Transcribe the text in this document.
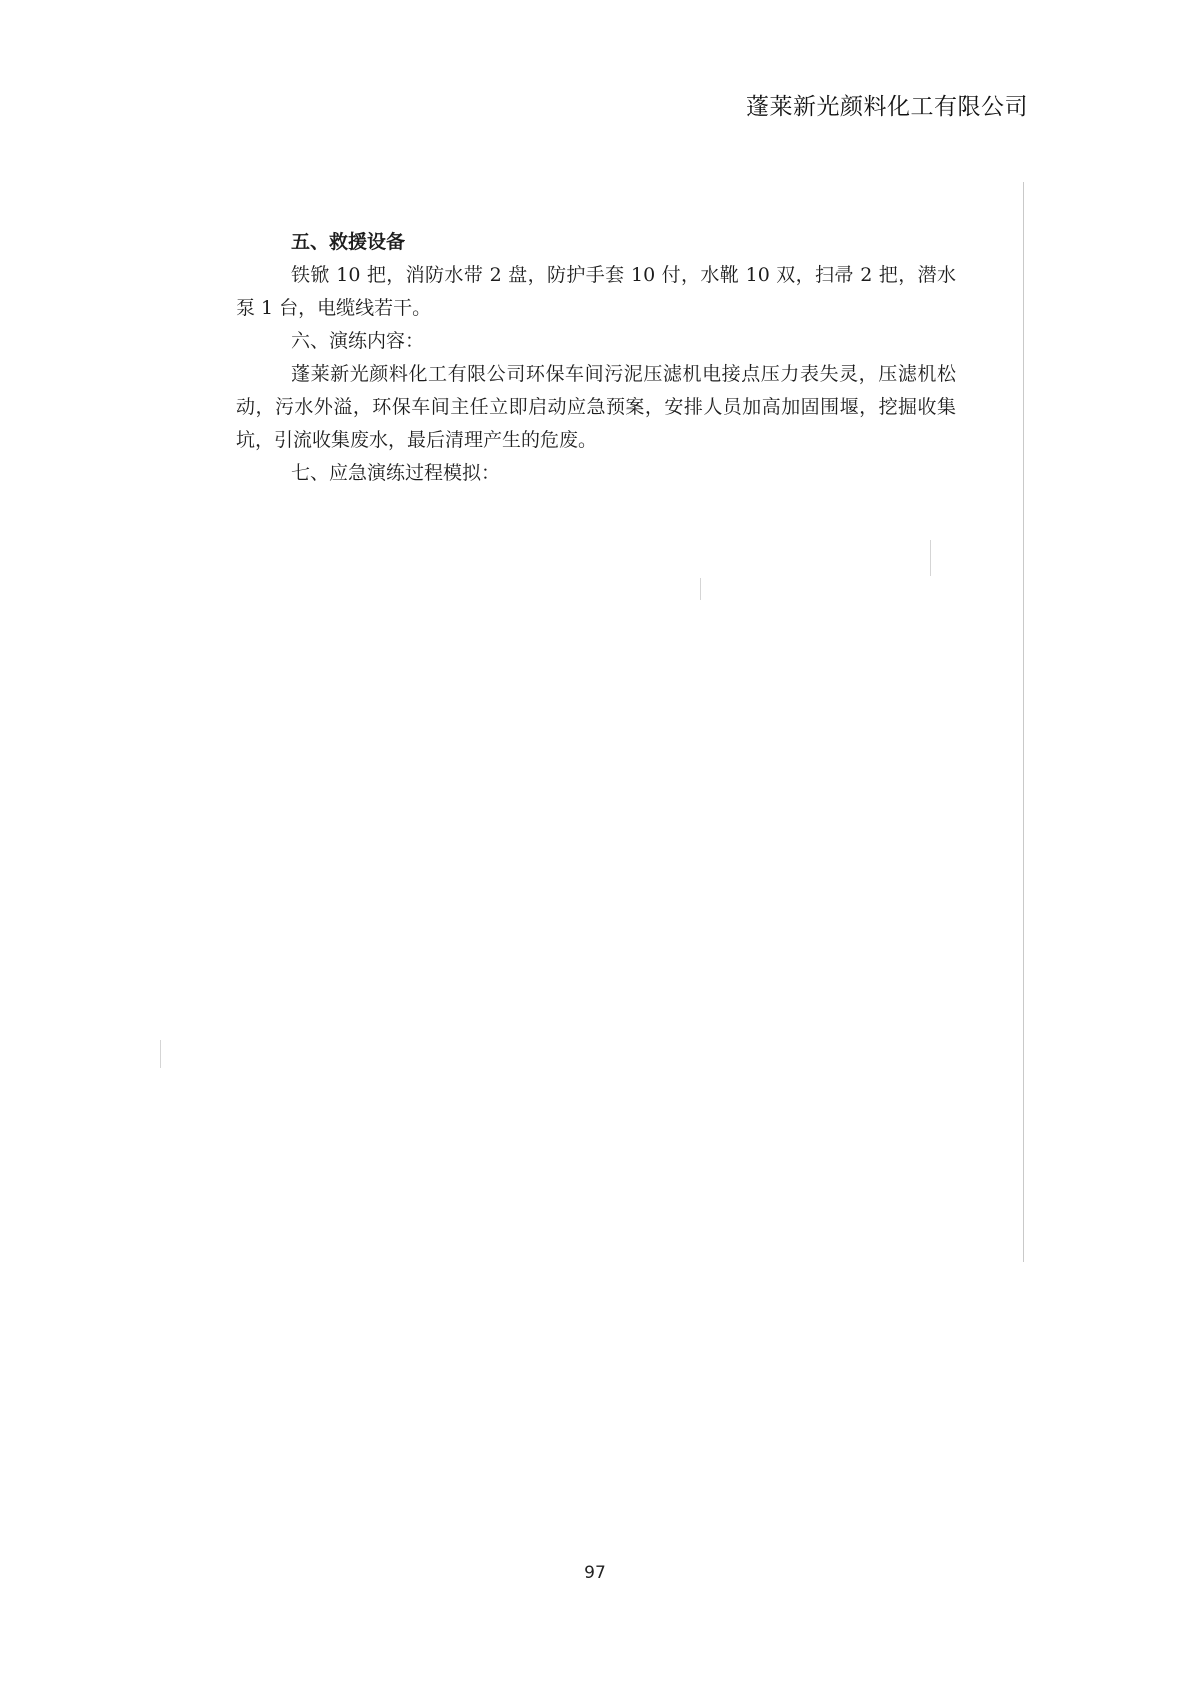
蓬莱新光颜料化工有限公司
五、救援设备

铁锨 10 把，消防水带 2 盘，防护手套 10 付，水靴 10 双，扫帚 2 把，潜水泵 1 台，电缆线若干。

六、演练内容：

蓬莱新光颜料化工有限公司环保车间污泥压滤机电接点压力表失灵，压滤机松动，污水外溢，环保车间主任立即启动应急预案，安排人员加高加固围堰，挖掘收集坑，引流收集废水，最后清理产生的危废。

七、应急演练过程模拟：
97
